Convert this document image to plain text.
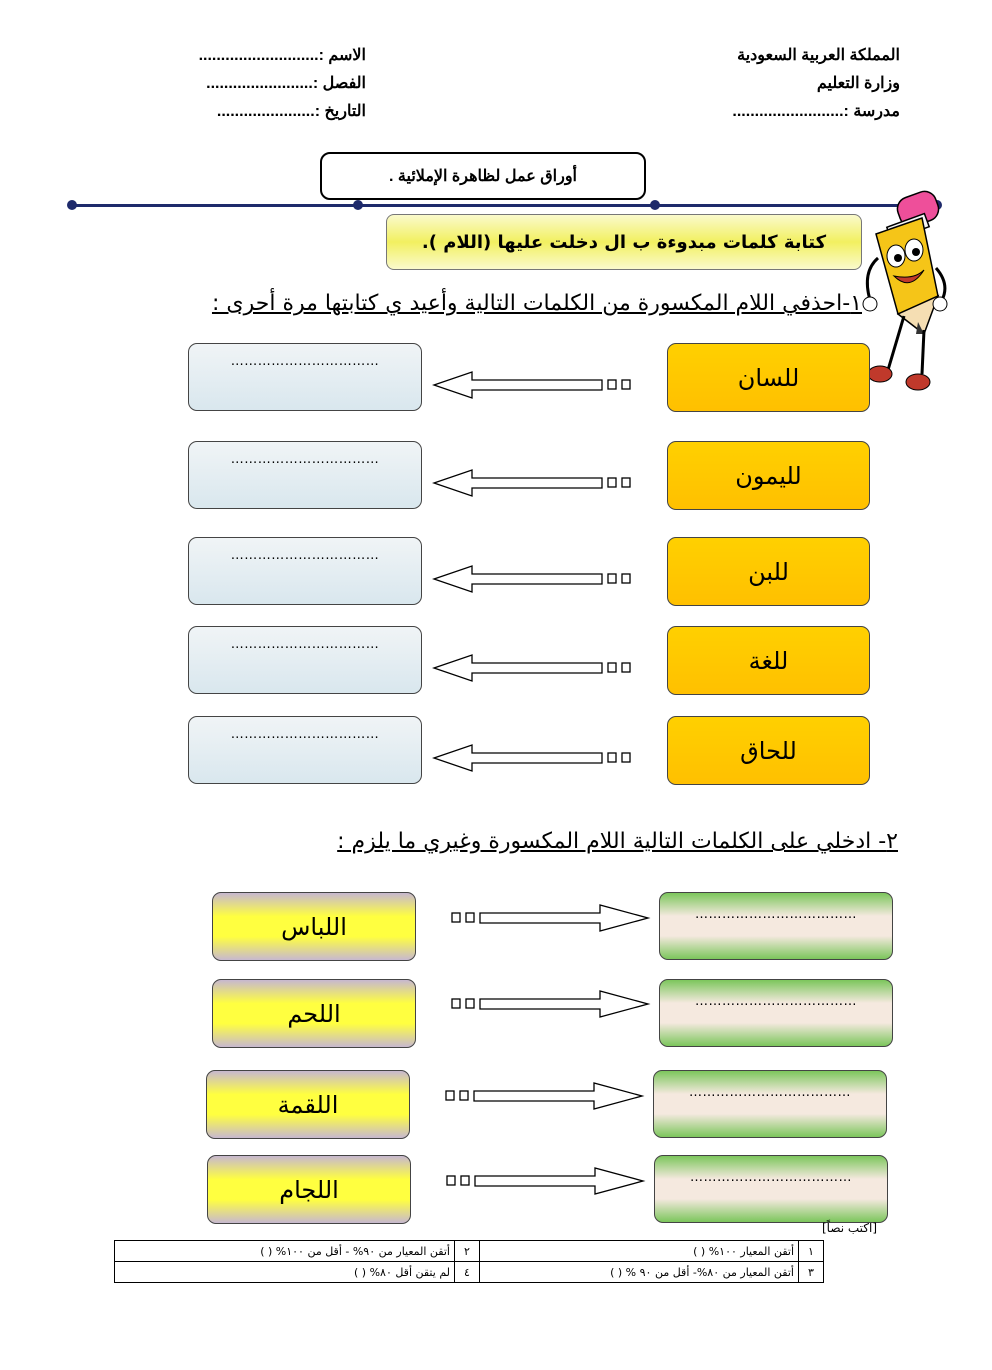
المملكة العربية السعودية
وزارة التعليم
مدرسة :.........................
الاسم :...........................
الفصل :........................
التاريخ :......................
أوراق عمل لظاهرة الإملائية .
كتابة كلمات مبدوءة ب ال دخلت عليها (اللام ).
١-احذفي اللام المكسورة من الكلمات التالية وأعيد ي كتابتها مرة أحرى :
للسان
لليمون
للبن
للغة
للحاق
……………………………
……………………………
……………………………
……………………………
……………………………
٢- ادخلي على الكلمات التالية اللام المكسورة وغيري ما يلزم :
اللباس
اللحم
اللقمة
اللجام
………………………………
………………………………
………………………………
………………………………
[اكتب نصاً]
١	أتقن المعيار ١٠٠% ( )	٢	أتقن المعيار من ٩٠% - أقل من ١٠٠% ( )
٣	أتقن المعيار من ٨٠%- أقل من ٩٠ % ( )	٤	لم يتقن أقل ٨٠% ( )
